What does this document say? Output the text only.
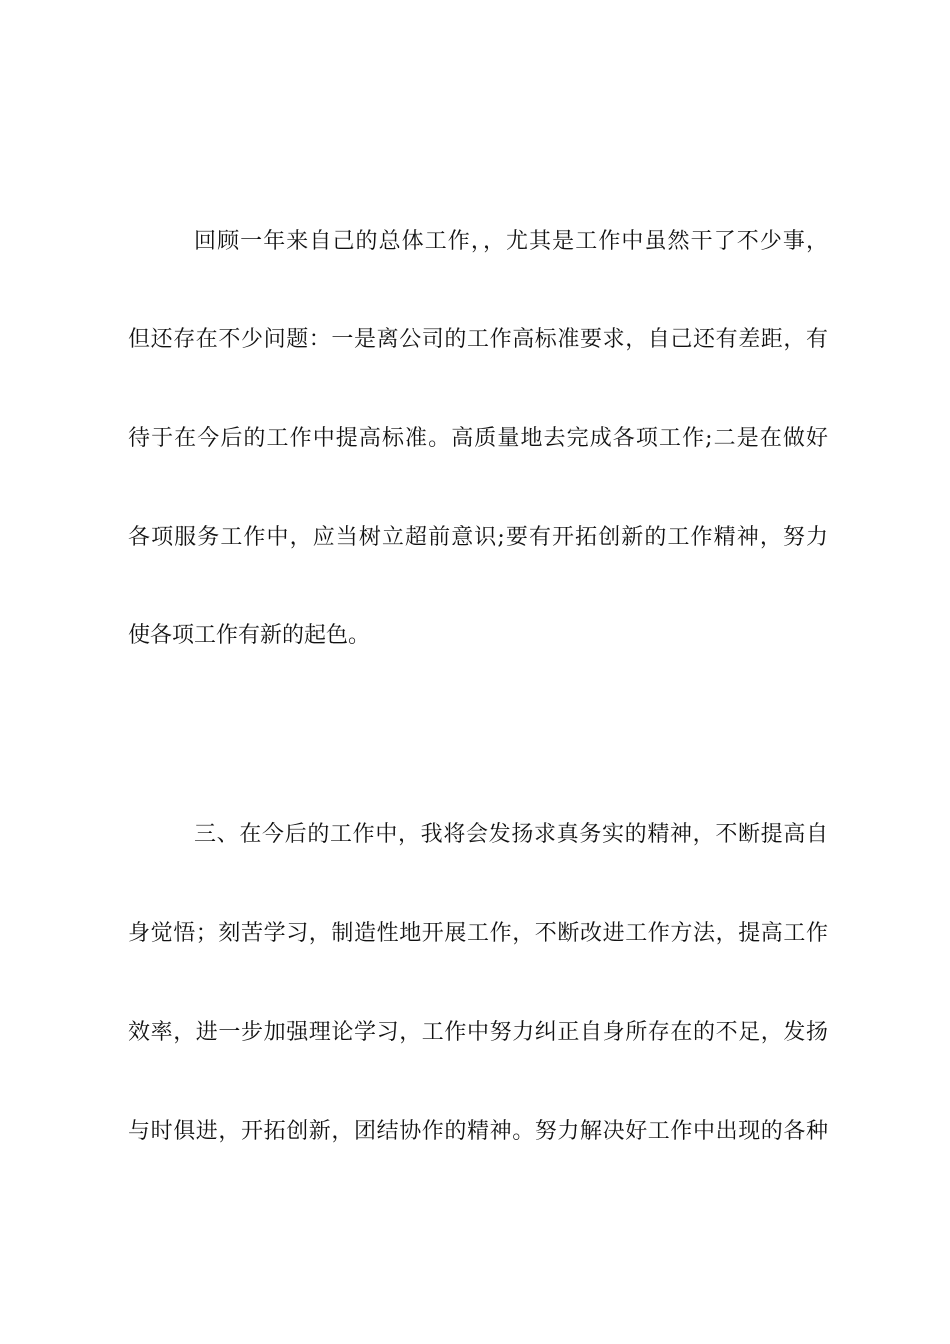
回顾一年来自己的总体工作，，尤其是工作中虽然干了不少事，
但还存在不少问题：一是离公司的工作高标准要求，自己还有差距，有
待于在今后的工作中提高标准。高质量地去完成各项工作;二是在做好
各项服务工作中，应当树立超前意识;要有开拓创新的工作精神，努力
使各项工作有新的起色。
三、在今后的工作中，我将会发扬求真务实的精神，不断提高自
身觉悟；刻苦学习，制造性地开展工作，不断改进工作方法，提高工作
效率，进一步加强理论学习，工作中努力纠正自身所存在的不足，发扬
与时俱进，开拓创新，团结协作的精神。努力解决好工作中出现的各种
